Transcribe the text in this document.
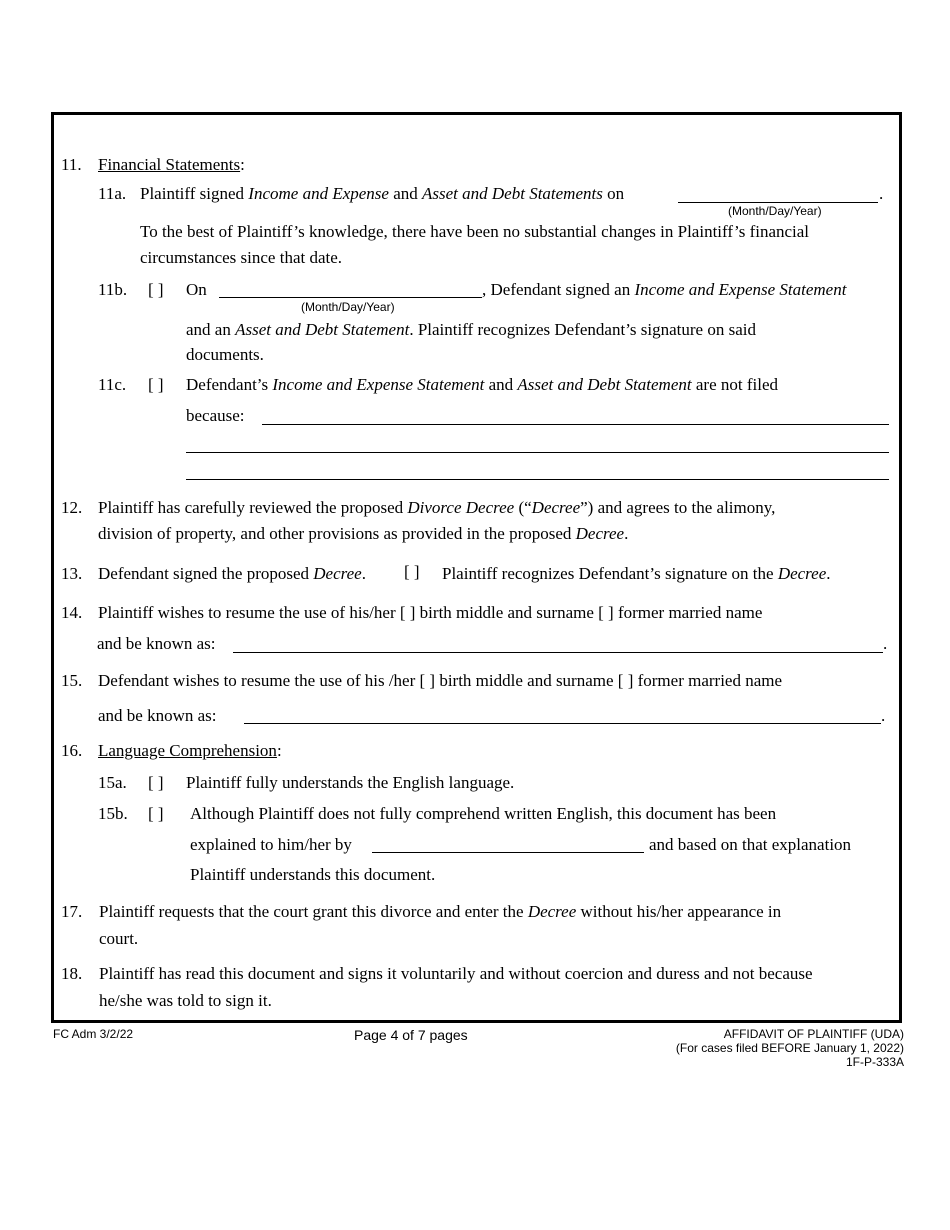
11. Financial Statements:
11a. Plaintiff signed Income and Expense and Asset and Debt Statements on	.
(Month/Day/Year)
To the best of Plaintiff’s knowledge, there have been no substantial changes in Plaintiff’s financial
circumstances since that date.
11b. [ ] On
(Month/Day/Year)
, Defendant signed an Income and Expense Statement
and an Asset and Debt Statement. Plaintiff recognizes Defendant’s signature on said
documents.
11c. [ ] Defendant’s Income and Expense Statement and Asset and Debt Statement are not filed
because:
12. Plaintiff has carefully reviewed the proposed Divorce Decree (“Decree”) and agrees to the alimony,
division of property, and other provisions as provided in the proposed Decree.
13. Defendant signed the proposed Decree. [ ] Plaintiff recognizes Defendant’s signature on the Decree.
14. Plaintiff wishes to resume the use of his/her [ ] birth middle and surname [ ] former married name
and be known as:	.
15. Defendant wishes to resume the use of his /her [ ] birth middle and surname [ ] former married name
and be known as:	.
16. Language Comprehension:
15a. [ ] Plaintiff fully understands the English language.
15b. [ ] Although Plaintiff does not fully comprehend written English, this document has been
explained to him/her by	and based on that explanation
Plaintiff understands this document.
17. Plaintiff requests that the court grant this divorce and enter the Decree without his/her appearance in
court.
18. Plaintiff has read this document and signs it voluntarily and without coercion and duress and not because
he/she was told to sign it.
FC Adm 3/2/22	Page 4 of 7 pages	AFFIDAVIT OF PLAINTIFF (UDA)
(For cases filed BEFORE January 1, 2022)
1F-P-333A
